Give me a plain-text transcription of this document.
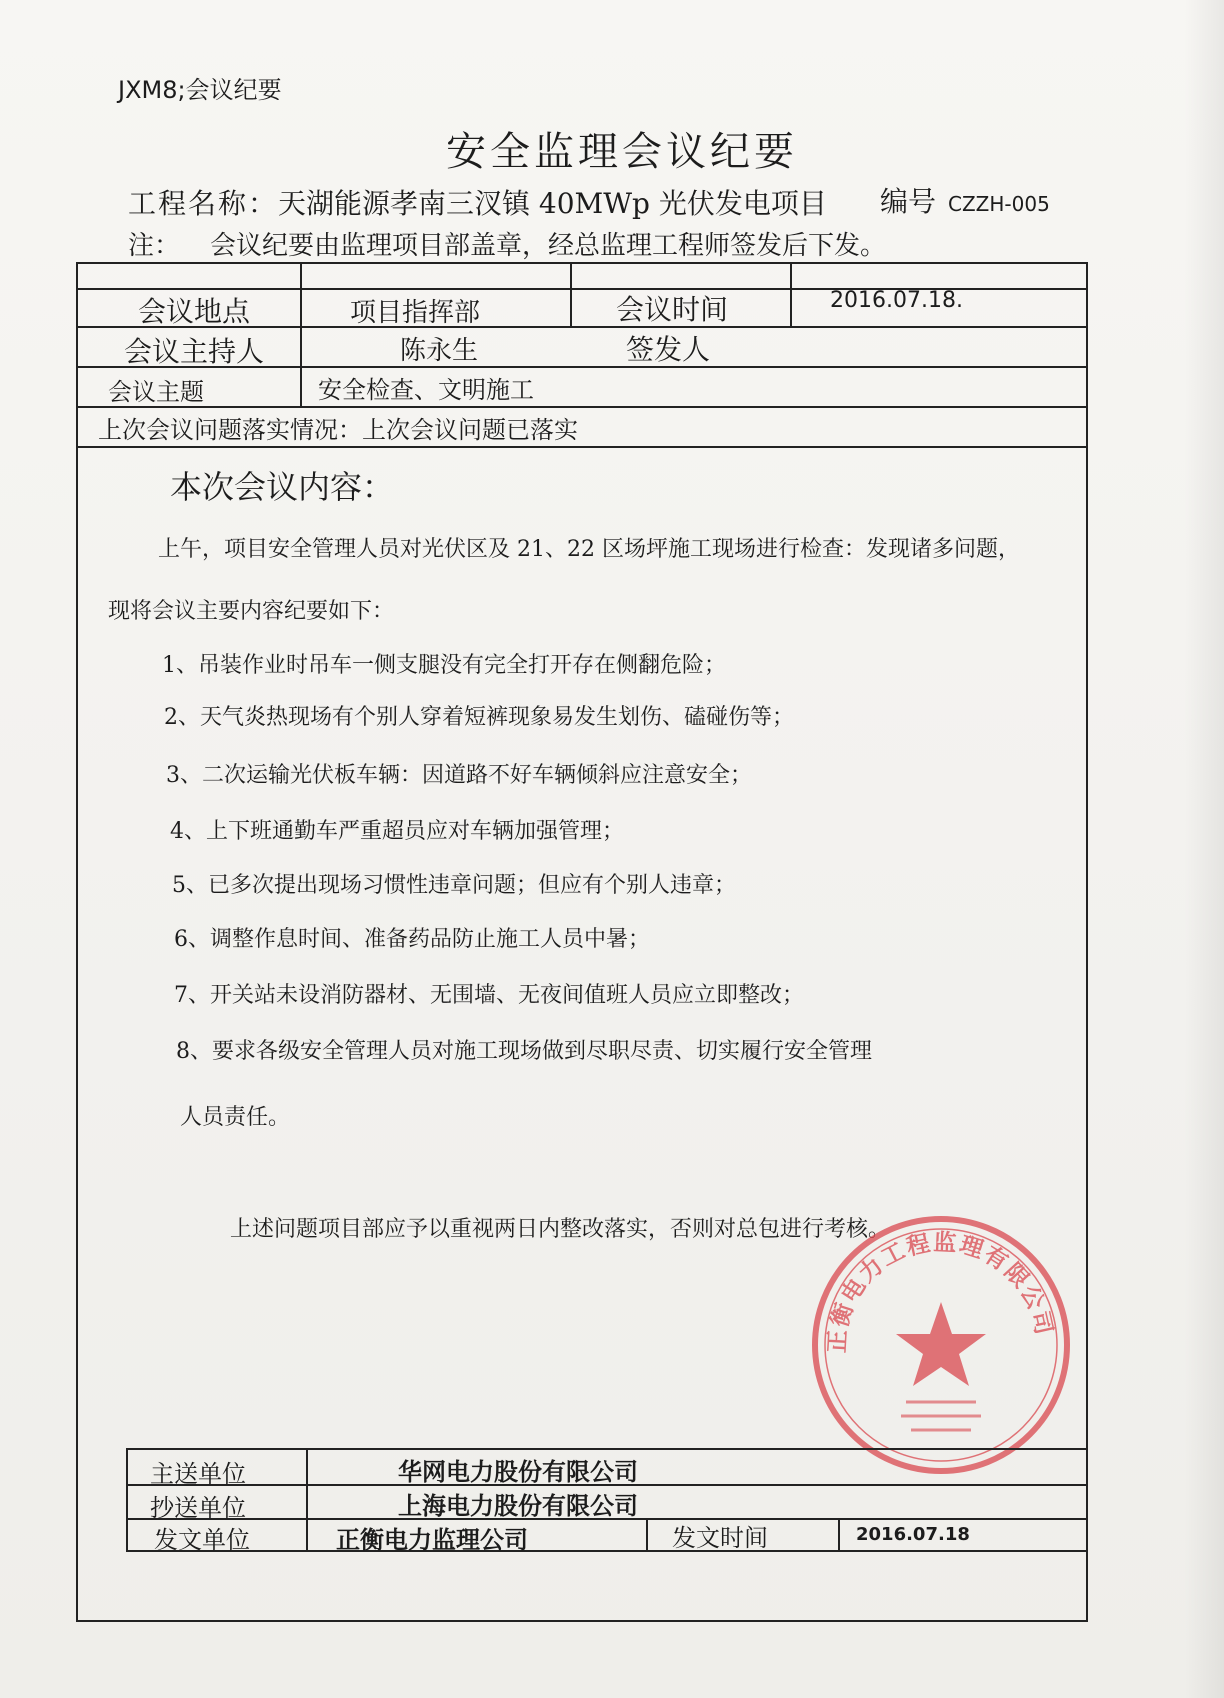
JXM8;会议纪要
安全监理会议纪要
工程名称：天湖能源孝南三汊镇 40MWp 光伏发电项目 编号 CZZH-005
注： 会议纪要由监理项目部盖章，经总监理工程师签发后下发。
会议地点	项目指挥部	会议时间	2016.07.18.
会议主持人	陈永生	签发人
会议主题	安全检查、文明施工
上次会议问题落实情况：上次会议问题已落实
本次会议内容：
上午，项目安全管理人员对光伏区及 21、22 区场坪施工现场进行检查：发现诸多问题，
现将会议主要内容纪要如下：
1、吊装作业时吊车一侧支腿没有完全打开存在侧翻危险；
2、天气炎热现场有个别人穿着短裤现象易发生划伤、磕碰伤等；
3、二次运输光伏板车辆：因道路不好车辆倾斜应注意安全；
4、上下班通勤车严重超员应对车辆加强管理；
5、已多次提出现场习惯性违章问题；但应有个别人违章；
6、调整作息时间、准备药品防止施工人员中暑；
7、开关站未设消防器材、无围墙、无夜间值班人员应立即整改；
8、要求各级安全管理人员对施工现场做到尽职尽责、切实履行安全管理
人员责任。
上述问题项目部应予以重视两日内整改落实，否则对总包进行考核。
正衡电力工程监理有限公司
主送单位	华网电力股份有限公司
抄送单位	上海电力股份有限公司
发文单位	正衡电力监理公司	发文时间	2016.07.18
